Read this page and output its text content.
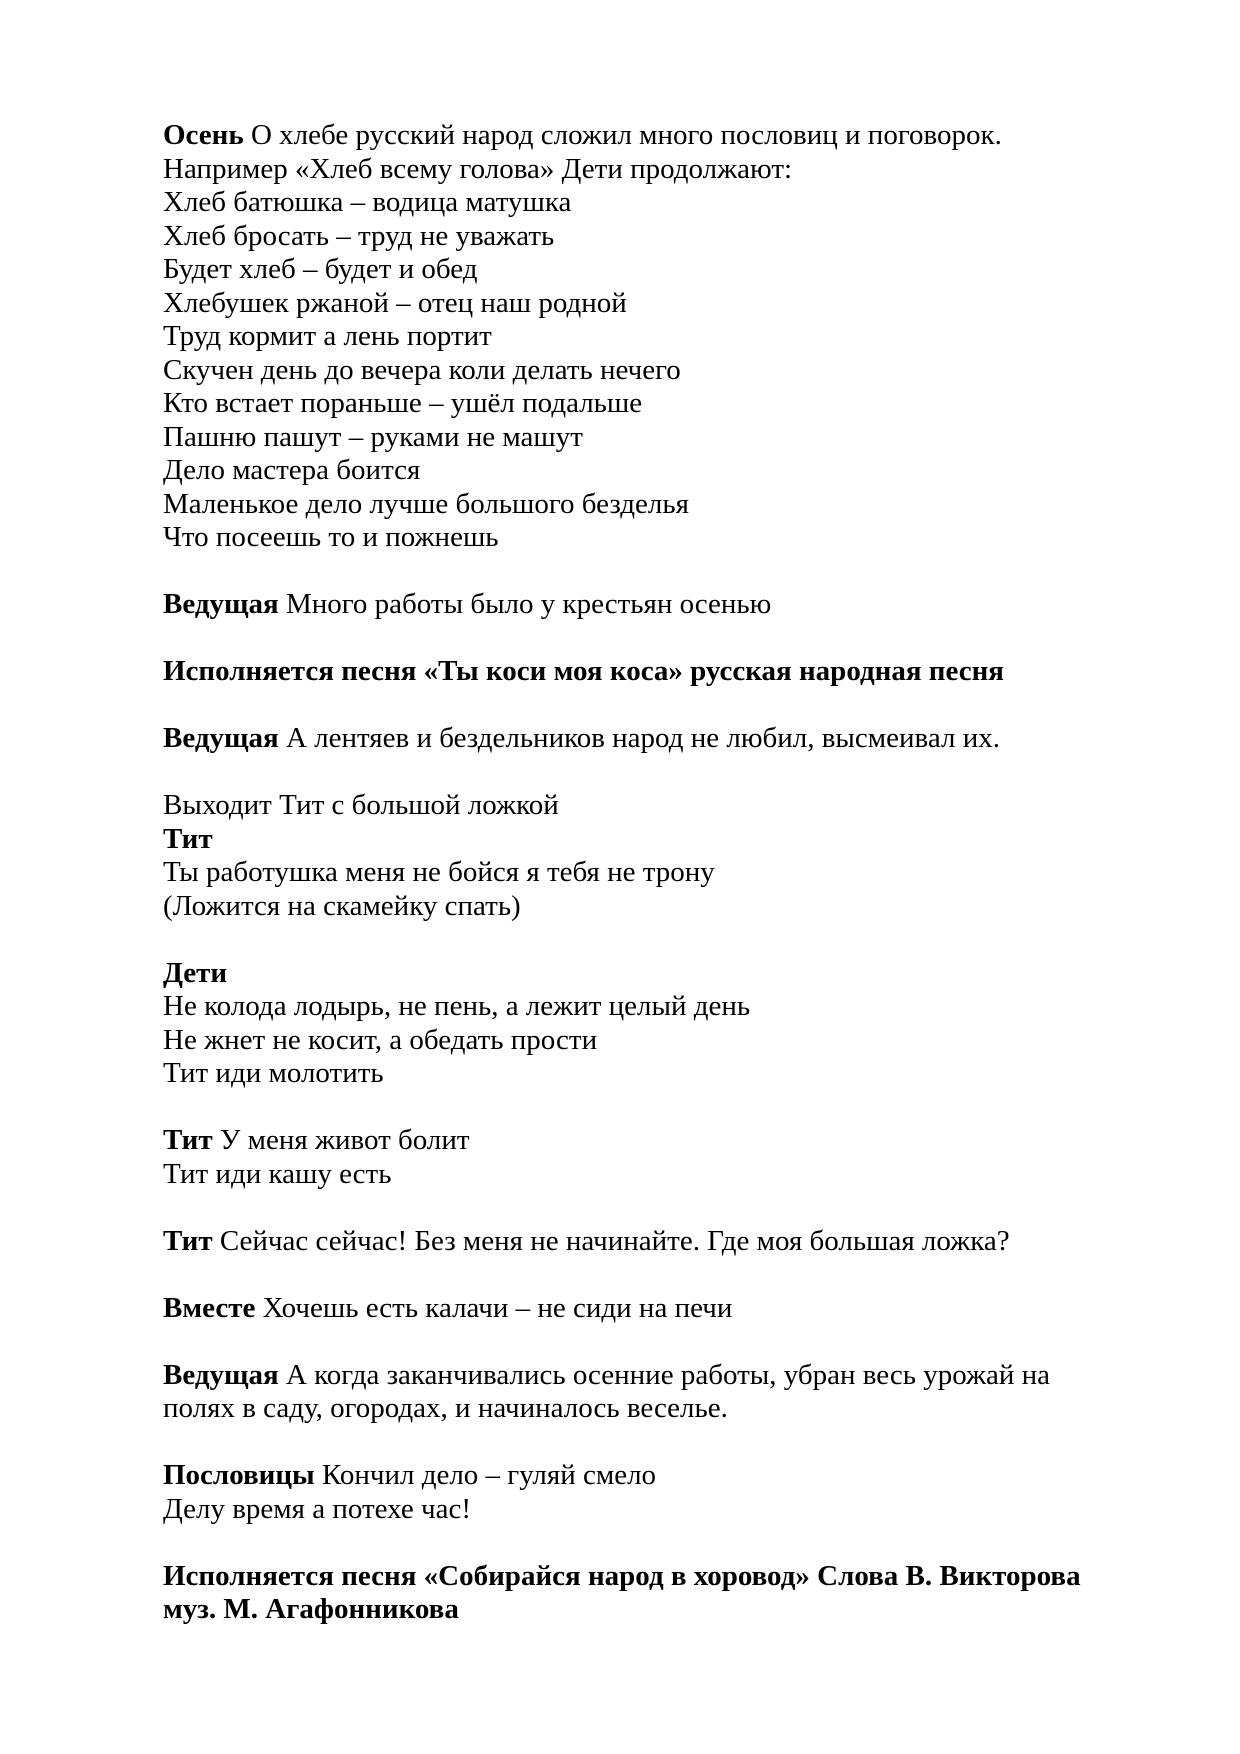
Осень О хлебе русский народ сложил много пословиц и поговорок.
Например «Хлеб всему голова» Дети продолжают:
Хлеб батюшка – водица матушка
Хлеб бросать – труд не уважать
Будет хлеб – будет и обед
Хлебушек ржаной – отец наш родной
Труд кормит а лень портит
Скучен день до вечера коли делать нечего
Кто встает пораньше – ушёл подальше
Пашню пашут – руками не машут
Дело мастера боится
Маленькое дело лучше большого безделья
Что посеешь то и пожнешь
Ведущая Много работы было у крестьян осенью
Исполняется песня «Ты коси моя коса» русская народная песня
Ведущая А лентяев и бездельников народ не любил, высмеивал их.
Выходит Тит с большой ложкой
Тит
Ты работушка меня не бойся я тебя не трону
(Ложится на скамейку спать)
Дети
Не колода лодырь, не пень, а лежит целый день
Не жнет не косит, а обедать прости
Тит иди молотить
Тит У меня живот болит
Тит иди кашу есть
Тит Сейчас сейчас! Без меня не начинайте. Где моя большая ложка?
Вместе Хочешь есть калачи – не сиди на печи
Ведущая А когда заканчивались осенние работы, убран весь урожай на
полях в саду, огородах, и начиналось веселье.
Пословицы Кончил дело – гуляй смело
Делу время а потехе час!
Исполняется песня «Собирайся народ в хоровод» Слова В. Викторова
муз. М. Агафонникова
